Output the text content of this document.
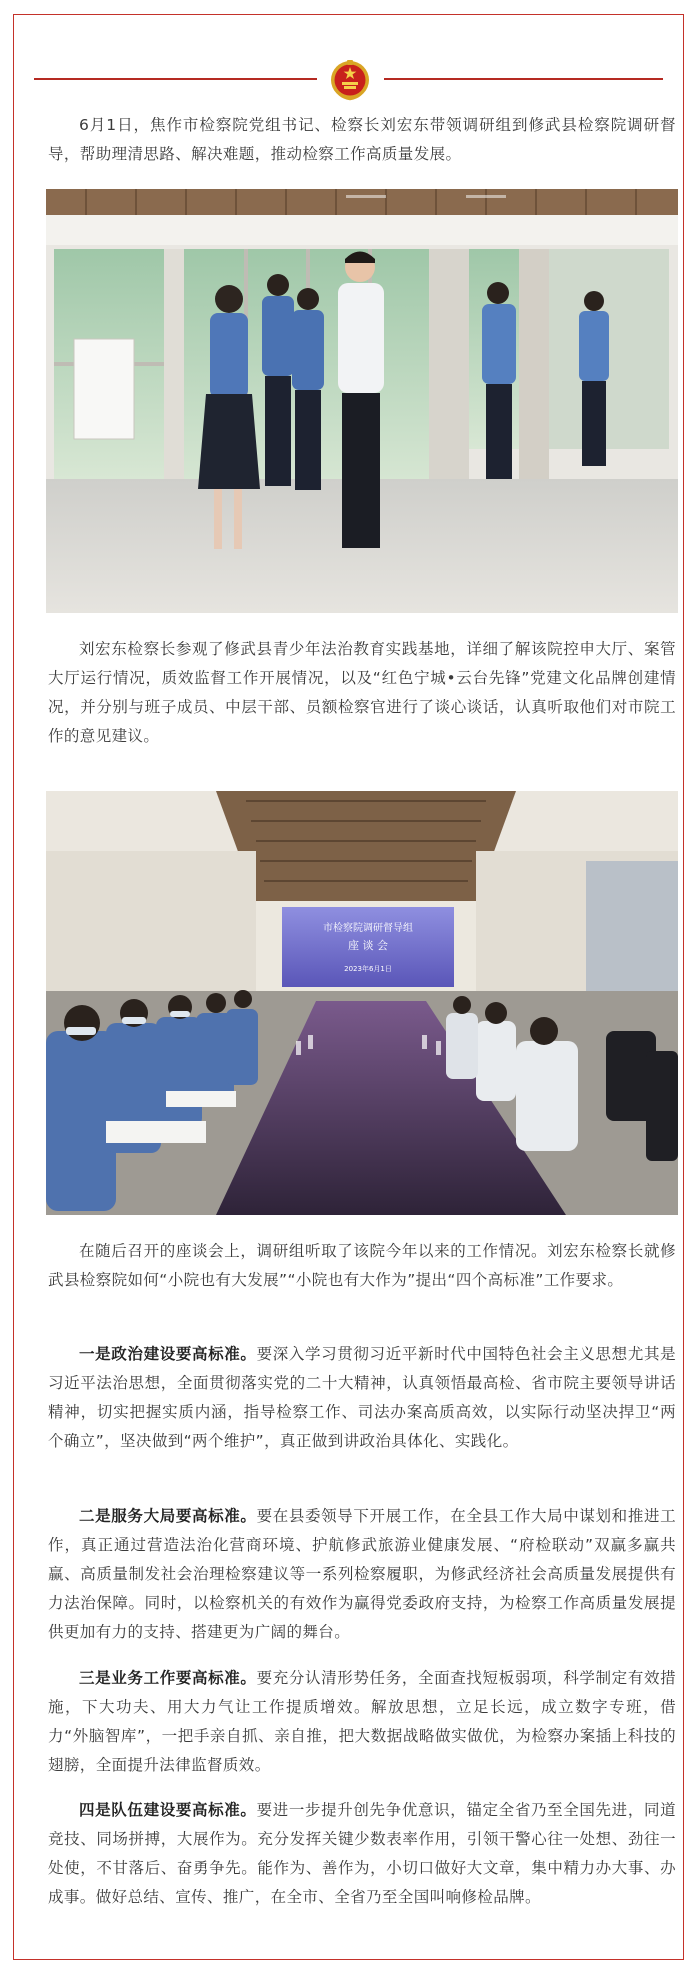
6月1日，焦作市检察院党组书记、检察长刘宏东带领调研组到修武县检察院调研督导，帮助理清思路、解决难题，推动检察工作高质量发展。

刘宏东检察长参观了修武县青少年法治教育实践基地，详细了解该院控申大厅、案管大厅运行情况，质效监督工作开展情况，以及“红色宁城•云台先锋”党建文化品牌创建情况，并分别与班子成员、中层干部、员额检察官进行了谈心谈话，认真听取他们对市院工作的意见建议。

市检察院调研督导组
座 谈 会
2023年6月1日

在随后召开的座谈会上，调研组听取了该院今年以来的工作情况。刘宏东检察长就修武县检察院如何“小院也有大发展”“小院也有大作为”提出“四个高标准”工作要求。

一是政治建设要高标准。要深入学习贯彻习近平新时代中国特色社会主义思想尤其是习近平法治思想，全面贯彻落实党的二十大精神，认真领悟最高检、省市院主要领导讲话精神，切实把握实质内涵，指导检察工作、司法办案高质高效，以实际行动坚决捍卫“两个确立”，坚决做到“两个维护”，真正做到讲政治具体化、实践化。

二是服务大局要高标准。要在县委领导下开展工作，在全县工作大局中谋划和推进工作，真正通过营造法治化营商环境、护航修武旅游业健康发展、“府检联动”双赢多赢共赢、高质量制发社会治理检察建议等一系列检察履职，为修武经济社会高质量发展提供有力法治保障。同时，以检察机关的有效作为赢得党委政府支持，为检察工作高质量发展提供更加有力的支持、搭建更为广阔的舞台。

三是业务工作要高标准。要充分认清形势任务，全面查找短板弱项，科学制定有效措施，下大功夫、用大力气让工作提质增效。解放思想，立足长远，成立数字专班，借力“外脑智库”，一把手亲自抓、亲自推，把大数据战略做实做优，为检察办案插上科技的翅膀，全面提升法律监督质效。

四是队伍建设要高标准。要进一步提升创先争优意识，锚定全省乃至全国先进，同道竞技、同场拼搏，大展作为。充分发挥关键少数表率作用，引领干警心往一处想、劲往一处使，不甘落后、奋勇争先。能作为、善作为，小切口做好大文章，集中精力办大事、办成事。做好总结、宣传、推广，在全市、全省乃至全国叫响修检品牌。
